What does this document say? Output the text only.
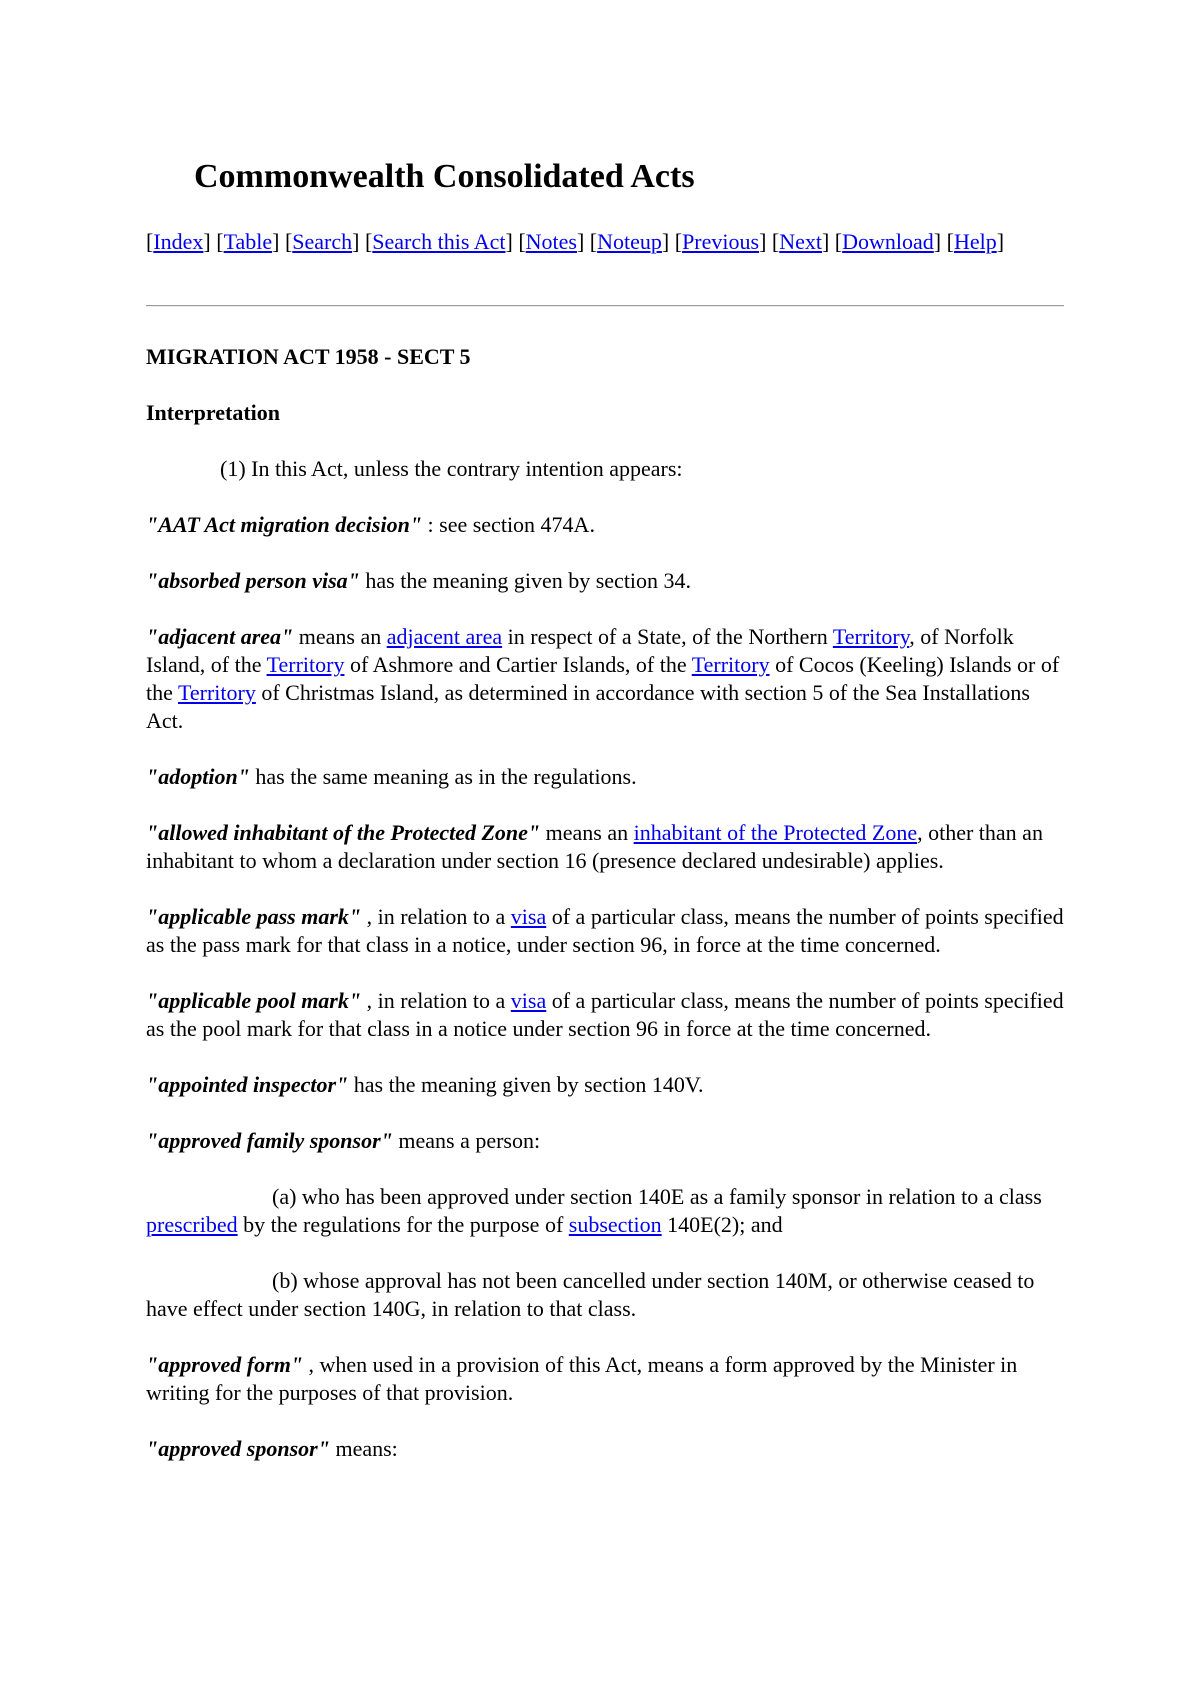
Commonwealth Consolidated Acts
[Index] [Table] [Search] [Search this Act] [Notes] [Noteup] [Previous] [Next] [Download] [Help]
MIGRATION ACT 1958 - SECT 5

Interpretation

(1) In this Act, unless the contrary intention appears:

"AAT Act migration decision" : see section 474A.

"absorbed person visa" has the meaning given by section 34.

"adjacent area" means an adjacent area in respect of a State, of the Northern Territory, of Norfolk Island, of the Territory of Ashmore and Cartier Islands, of the Territory of Cocos (Keeling) Islands or of the Territory of Christmas Island, as determined in accordance with section 5 of the Sea Installations Act.

"adoption" has the same meaning as in the regulations.

"allowed inhabitant of the Protected Zone" means an inhabitant of the Protected Zone, other than an inhabitant to whom a declaration under section 16 (presence declared undesirable) applies.

"applicable pass mark" , in relation to a visa of a particular class, means the number of points specified as the pass mark for that class in a notice, under section 96, in force at the time concerned.

"applicable pool mark" , in relation to a visa of a particular class, means the number of points specified as the pool mark for that class in a notice under section 96 in force at the time concerned.

"appointed inspector" has the meaning given by section 140V.

"approved family sponsor" means a person:

(a) who has been approved under section 140E as a family sponsor in relation to a class prescribed by the regulations for the purpose of subsection 140E(2); and

(b) whose approval has not been cancelled under section 140M, or otherwise ceased to have effect under section 140G, in relation to that class.

"approved form" , when used in a provision of this Act, means a form approved by the Minister in writing for the purposes of that provision.

"approved sponsor" means:
